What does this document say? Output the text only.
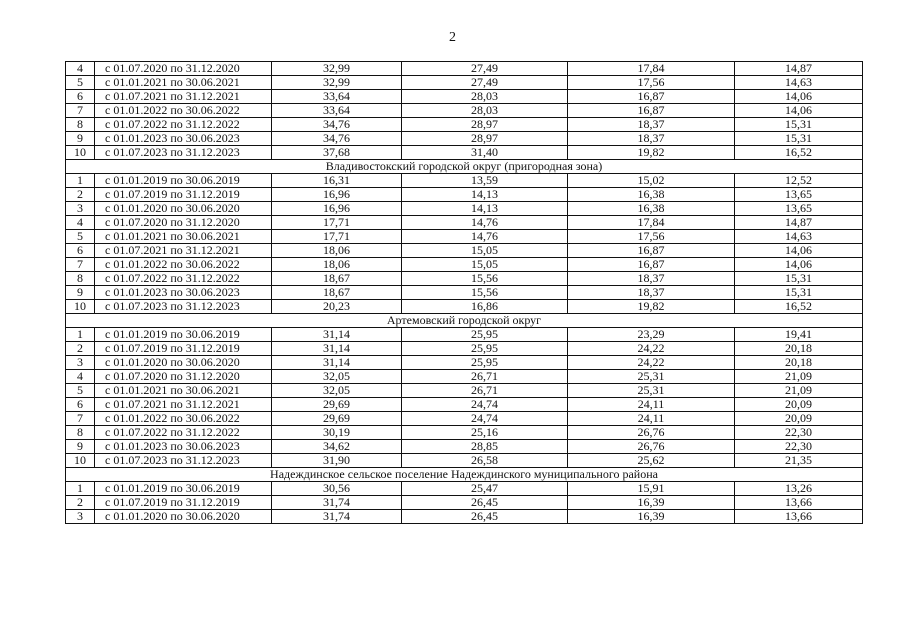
2
4	с 01.07.2020 по 31.12.2020	32,99	27,49	17,84	14,87
5	с 01.01.2021 по 30.06.2021	32,99	27,49	17,56	14,63
6	с 01.07.2021 по 31.12.2021	33,64	28,03	16,87	14,06
7	с 01.01.2022 по 30.06.2022	33,64	28,03	16,87	14,06
8	с 01.07.2022 по 31.12.2022	34,76	28,97	18,37	15,31
9	с 01.01.2023 по 30.06.2023	34,76	28,97	18,37	15,31
10	с 01.07.2023 по 31.12.2023	37,68	31,40	19,82	16,52
Владивостокский городской округ (пригородная зона)					
1	с 01.01.2019 по 30.06.2019	16,31	13,59	15,02	12,52
2	с 01.07.2019 по 31.12.2019	16,96	14,13	16,38	13,65
3	с 01.01.2020 по 30.06.2020	16,96	14,13	16,38	13,65
4	с 01.07.2020 по 31.12.2020	17,71	14,76	17,84	14,87
5	с 01.01.2021 по 30.06.2021	17,71	14,76	17,56	14,63
6	с 01.07.2021 по 31.12.2021	18,06	15,05	16,87	14,06
7	с 01.01.2022 по 30.06.2022	18,06	15,05	16,87	14,06
8	с 01.07.2022 по 31.12.2022	18,67	15,56	18,37	15,31
9	с 01.01.2023 по 30.06.2023	18,67	15,56	18,37	15,31
10	с 01.07.2023 по 31.12.2023	20,23	16,86	19,82	16,52
Артемовский городской округ					
1	с 01.01.2019 по 30.06.2019	31,14	25,95	23,29	19,41
2	с 01.07.2019 по 31.12.2019	31,14	25,95	24,22	20,18
3	с 01.01.2020 по 30.06.2020	31,14	25,95	24,22	20,18
4	с 01.07.2020 по 31.12.2020	32,05	26,71	25,31	21,09
5	с 01.01.2021 по 30.06.2021	32,05	26,71	25,31	21,09
6	с 01.07.2021 по 31.12.2021	29,69	24,74	24,11	20,09
7	с 01.01.2022 по 30.06.2022	29,69	24,74	24,11	20,09
8	с 01.07.2022 по 31.12.2022	30,19	25,16	26,76	22,30
9	с 01.01.2023 по 30.06.2023	34,62	28,85	26,76	22,30
10	с 01.07.2023 по 31.12.2023	31,90	26,58	25,62	21,35
Надеждинское сельское поселение Надеждинского муниципального района					
1	с 01.01.2019 по 30.06.2019	30,56	25,47	15,91	13,26
2	с 01.07.2019 по 31.12.2019	31,74	26,45	16,39	13,66
3	с 01.01.2020 по 30.06.2020	31,74	26,45	16,39	13,66
